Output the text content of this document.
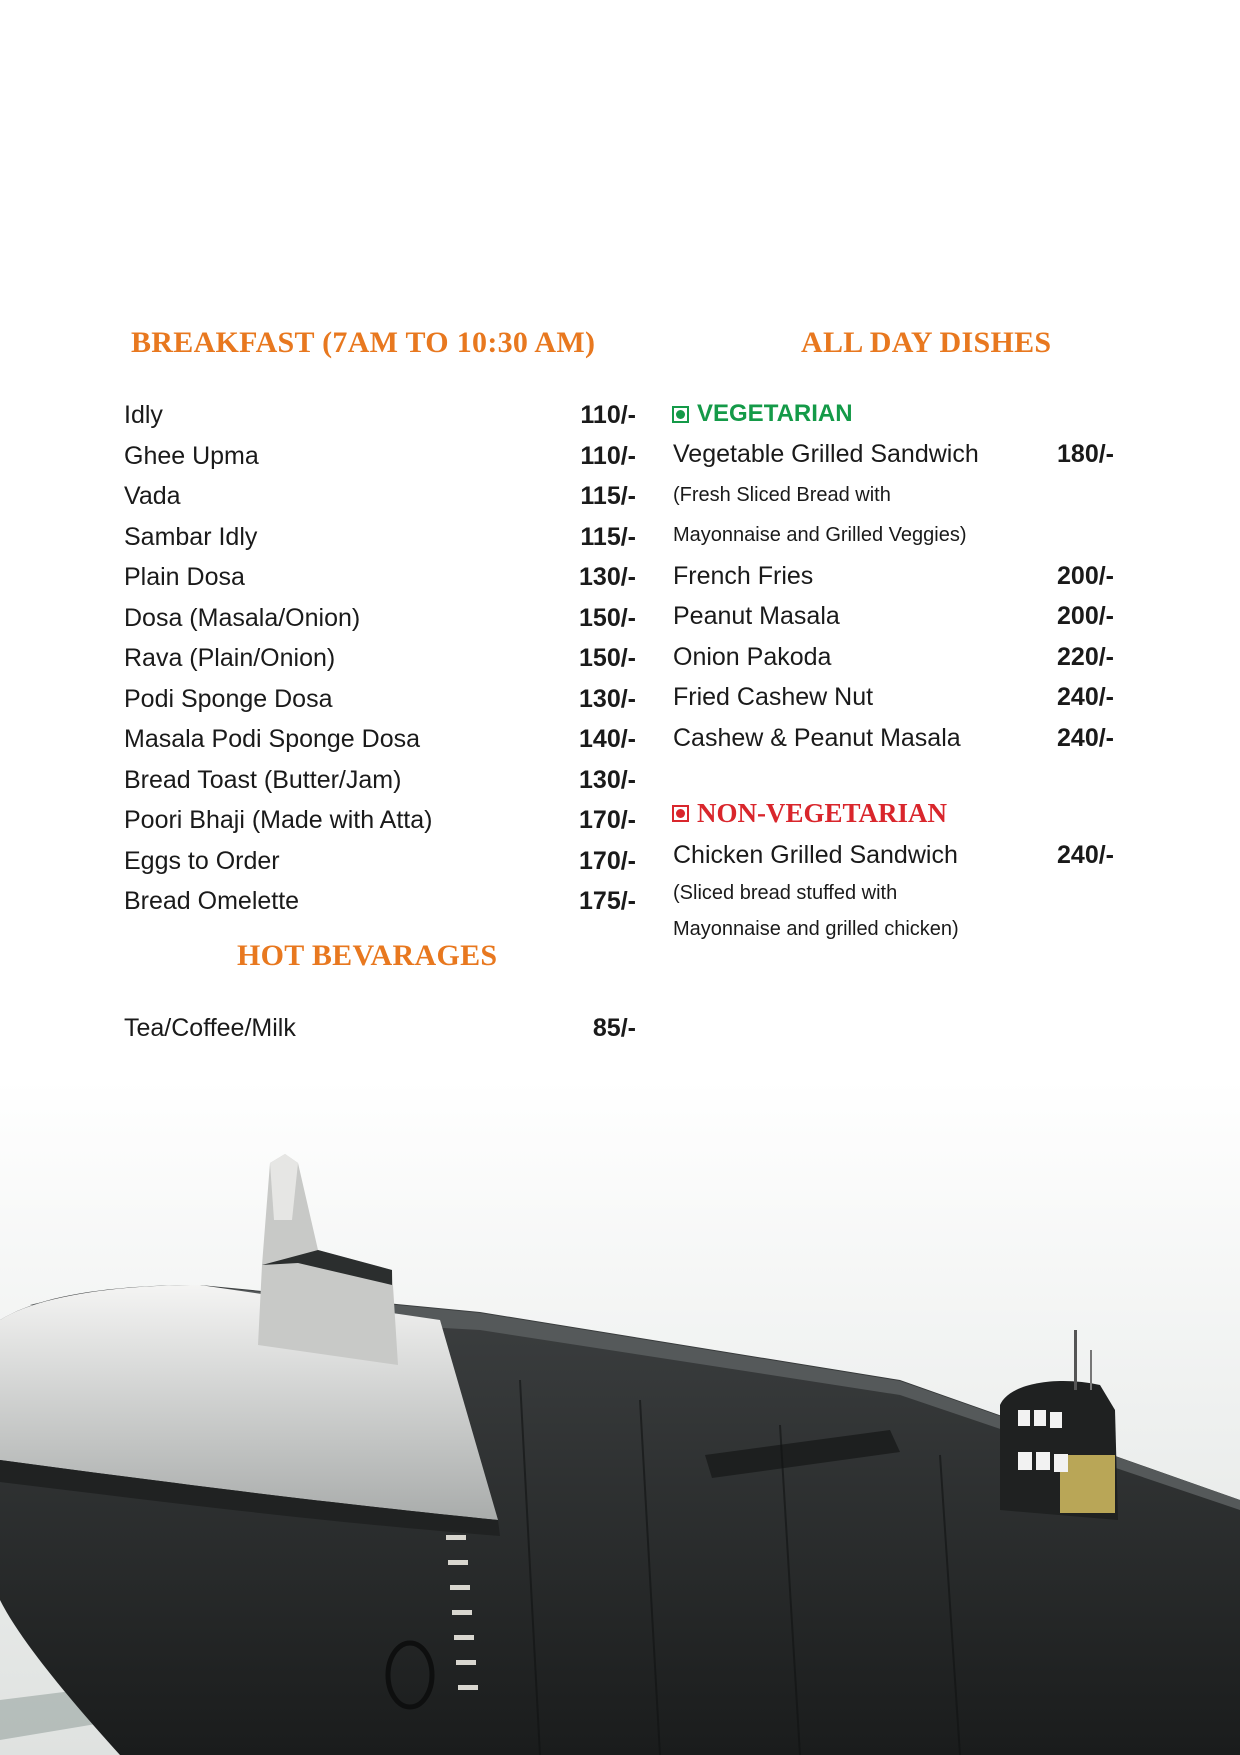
BREAKFAST (7AM TO 10:30 AM)	ALL DAY DISHES
HOT BEVARAGES
Idly	110/-
Ghee Upma	110/-
Vada	115/-
Sambar Idly	115/-
Plain Dosa	130/-
Dosa (Masala/Onion)	150/-
Rava (Plain/Onion)	150/-
Podi Sponge Dosa	130/-
Masala Podi Sponge Dosa	140/-
Bread Toast (Butter/Jam)	130/-
Poori Bhaji (Made with Atta)	170/-
Eggs to Order	170/-
Bread Omelette	175/-
Tea/Coffee/Milk	85/-
VEGETARIAN
Vegetable Grilled Sandwich	180/-
(Fresh Sliced Bread with
Mayonnaise and Grilled Veggies)
French Fries	200/-
Peanut Masala	200/-
Onion Pakoda	220/-
Fried Cashew Nut	240/-
Cashew & Peanut Masala	240/-
NON-VEGETARIAN
Chicken Grilled Sandwich	240/-
(Sliced bread stuffed with
Mayonnaise and grilled chicken)
